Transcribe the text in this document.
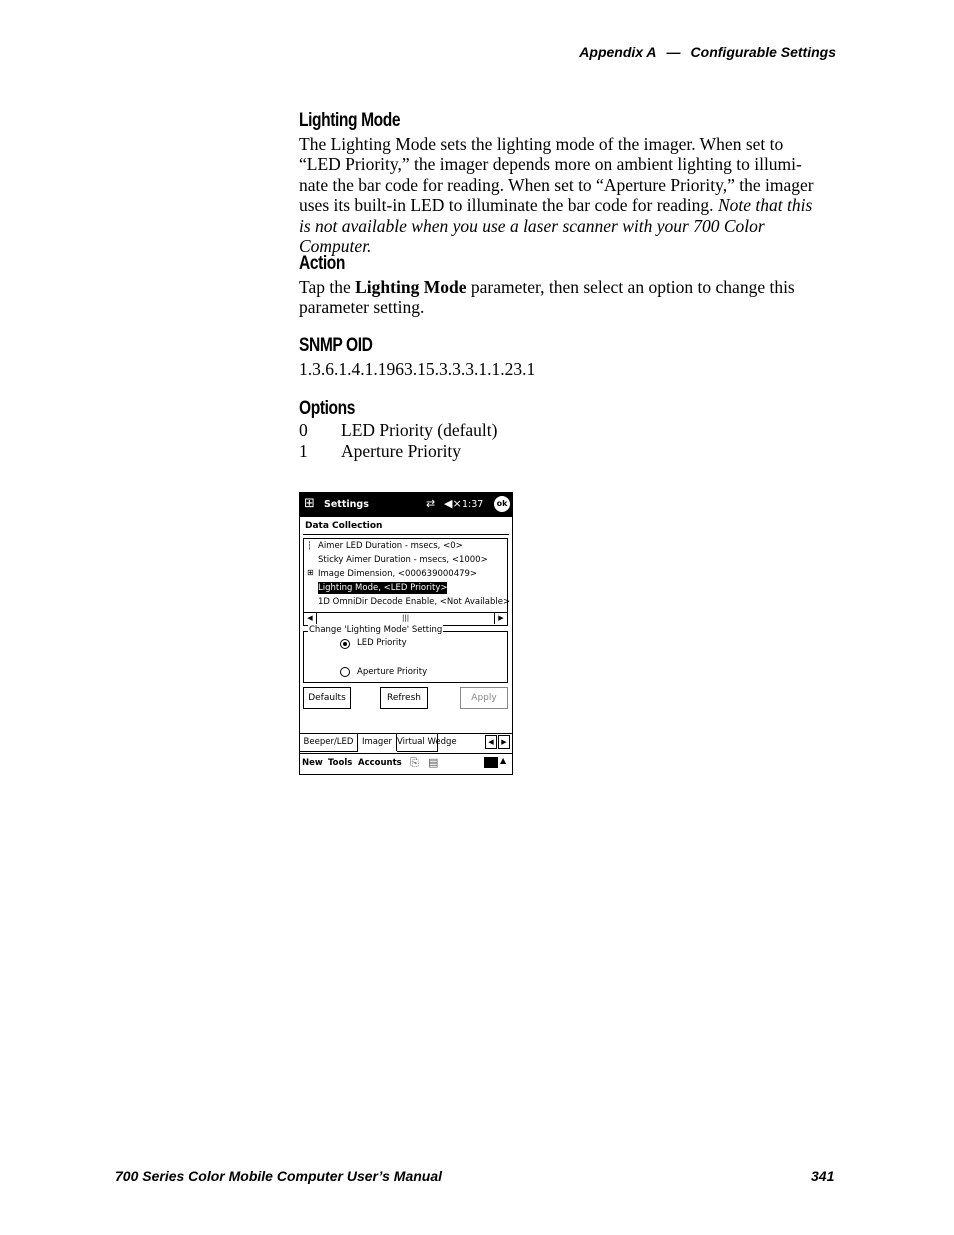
Appendix A — Configurable Settings
Lighting Mode

The Lighting Mode sets the lighting mode of the imager. When set to

“LED Priority,” the imager depends more on ambient lighting to illumi-

nate the bar code for reading. When set to “Aperture Priority,” the imager

uses its built-in LED to illuminate the bar code for reading. Note that this

is not available when you use a laser scanner with your 700 Color Computer.

Action

Tap the Lighting Mode parameter, then select an option to change this

parameter setting.

SNMP OID

1.3.6.1.4.1.1963.15.3.3.3.1.1.23.1

Options
0 LED Priority (default)
1 Aperture Priority
⊞ Settings	⇄ ◀× 1:37	ok
Data Collection
┆ Aimer LED Duration - msecs, <0>
Sticky Aimer Duration - msecs, <1000>
⊞ Image Dimension, <000639000479>
Lighting Mode, <LED Priority>
1D OmniDir Decode Enable, <Not Available>
◀	|||	▶
Change 'Lighting Mode' Setting
LED Priority
Aperture Priority
Defaults	Refresh	Apply
Beeper/LED Imager Virtual Wedge	◀	▶
New Tools Accounts ⎘ ▤	▲
700 Series Color Mobile Computer User’s Manual	341
